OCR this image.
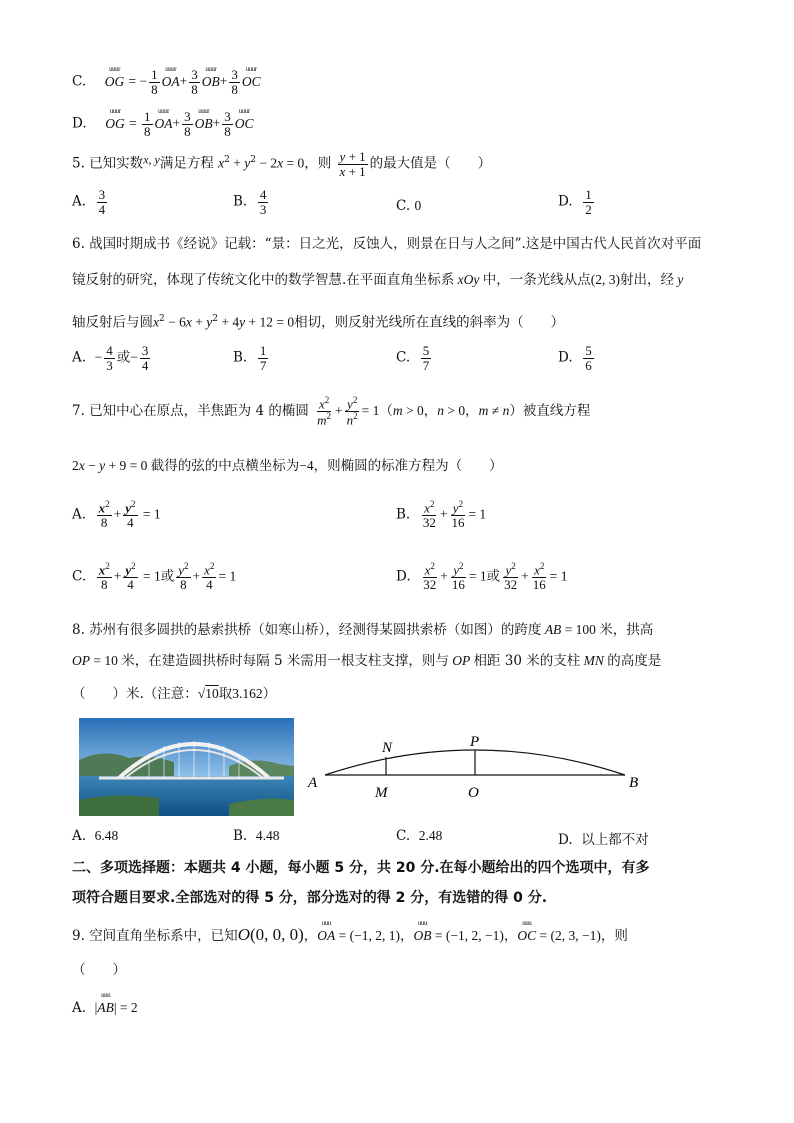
C. uuur OG = − $\frac{1}{8}$ uuur $OA+ \frac{3}{8}$ uuur $OB+ \frac{3}{8}$ uuur OC
D. uuur OG = $\frac{1}{8}$ uuur $OA+ \frac{3}{8}$ uuur $OB+ \frac{3}{8}$ uuur OC
5. 已知实数x, y满足方程 $x^2 + y^2 - 2x = 0$，则 $\frac{y + 1}{x + 1}$ 的最大值是（　　）
A. $\frac{3}{4}$	B. $\frac{4}{3}$	C. 0	D. $\frac{1}{2}$
6. 战国时期成书《经说》记载：“景：日之光，反蚀人，则景在日与人之间”.这是中国古代人民首次对平面
镜反射的研究，体现了传统文化中的数学智慧.在平面直角坐标系 xOy 中，一条光线从点(2, 3)射出，经 y
轴反射后与圆$x^2 - 6x + y^2 + 4y + 12 = 0$相切，则反射光线所在直线的斜率为（　　）
A. − $\frac{4}{3}$ 或− $\frac{3}{4}$	B. $\frac{1}{7}$	C. $\frac{5}{7}$	D. $\frac{5}{6}$
7. 已知中心在原点，半焦距为 4 的椭圆 $\frac{x^2}{m^2} + \frac{y^2}{n^2} = 1(m > 0$，n > 0，m ≠ n）被直线方程
2x − y + 9 = 0 截得的弦的中点横坐标为−4，则椭圆的标准方程为（　　）
A. $\frac{x^2}{8} + \frac{y^2}{4} = 1$	B. $\frac{x^2}{32} + \frac{y^2}{16} = 1$
C. $\frac{x^2}{8} + \frac{y^2}{4} = 1$或 $\frac{y^2}{8} + \frac{x^2}{4} = 1$	D. $\frac{x^2}{32} + \frac{y^2}{16} = 1$或 $\frac{y^2}{32} + \frac{x^2}{16} = 1$
8. 苏州有很多圆拱的悬索拱桥（如寒山桥），经测得某圆拱索桥（如图）的跨度 AB = 100 米，拱高
OP = 10 米，在建造圆拱桥时每隔 5 米需用一根支柱支撑，则与 OP 相距 30 米的支柱 MN 的高度是
（　　）米.（注意：√10取3.162）
N	P
A
M	O
B
A. 6.48	B. 4.48	C. 2.48	D. 以上都不对
二、多项选择题：本题共 4 小题，每小题 5 分，共 20 分.在每小题给出的四个选项中，有多
项符合题目要求.全部选对的得 5 分，部分选对的得 2 分，有选错的得 0 分.
9. 空间直角坐标系中，已知O(0, 0, 0)，uuu OA = (−1, 2, 1)，uuu OB = (−1, 2, −1)，uuu OC = (2, 3, −1)，则
（　　）
A. |uuu AB| = 2
